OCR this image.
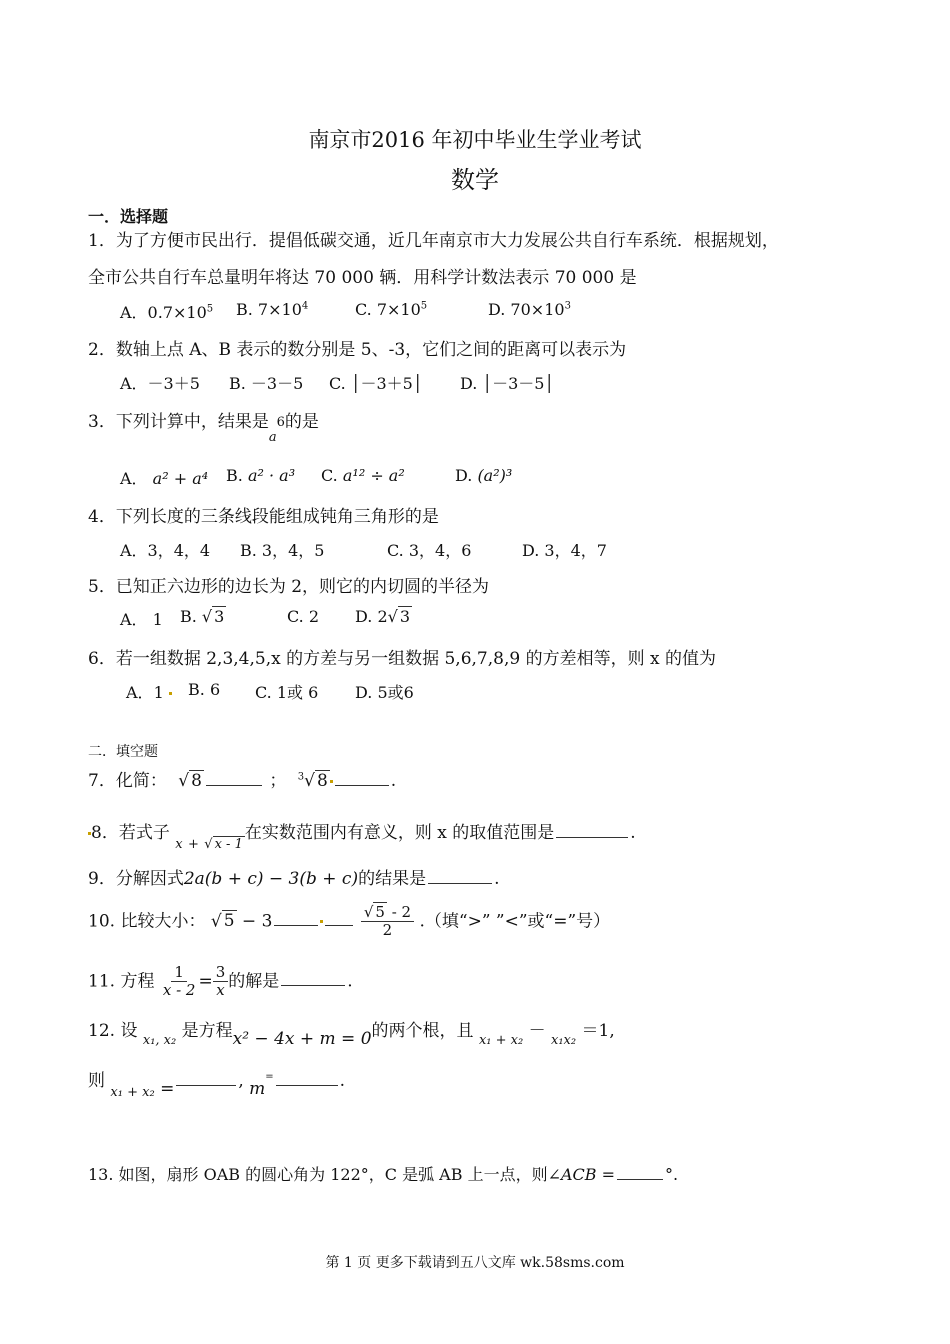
南京市2016 年初中毕业生学业考试
数学
一．选择题
1．为了方便市民出行．提倡低碳交通，近几年南京市大力发展公共自行车系统．根据规划，
全市公共自行车总量明年将达 70 000 辆．用科学计数法表示 70 000 是
A．$0.7\times 10^5$ B. $7\times 10^4$	C. $7\times 10^5$	D. $70\times 10^3$
2．数轴上点 A、B 表示的数分别是 5、-3，它们之间的距离可以表示为
A．－3＋5 B. －3－5 C. │－3＋5│ D. │－3－5│
3．下列计算中，结果是$_a^6$的是
A． a² + a⁴ B. a² · a³ C. a¹² ÷ a²	D. (a²)³
4．下列长度的三条线段能组成钝角三角形的是
A．3，4，4 B. 3，4，5	C. 3，4，6	D. 3，4，7
5．已知正六边形的边长为 2，则它的内切圆的半径为
A． 1 B. √ 3	C. 2 D. 2√ 3
6．若一组数据 2,3,4,5,x 的方差与另一组数据 5,6,7,8,9 的方差相等，则 x 的值为
A．1	B. 6 C. 1或 6 D. 5或6
二．填空题
7．化简： √ 8	； $^3$√ 8	.
8．若式子 $_x$ $_+$ $_{√ x - 1}$在实数范围内有意义，则 x 的取值范围是	.
9．分解因式2a(b + c) − 3(b + c)的结果是	.
10. 比较大小： √ 5 − 3	$\frac{√ 5 - 2}{2}$ .（填“>” ”<”或“=”号）
11. 方程 $\frac{1}{x - 2} = \frac{3}{x}$ 的解是	.
12. 设 $_{x_1, x_2}$ 是方程x² − 4x + m = 0的两个根，且 $_{x_1 + x_2}$ － $_{x_1x_2}$ ＝1,
则 $_{x_1 + x_2}$ =	, m=	.
13. 如图，扇形 OAB 的圆心角为 122°，C 是弧 AB 上一点，则∠ACB =	°.
第 1 页 更多下载请到五八文库 wk.58sms.com
